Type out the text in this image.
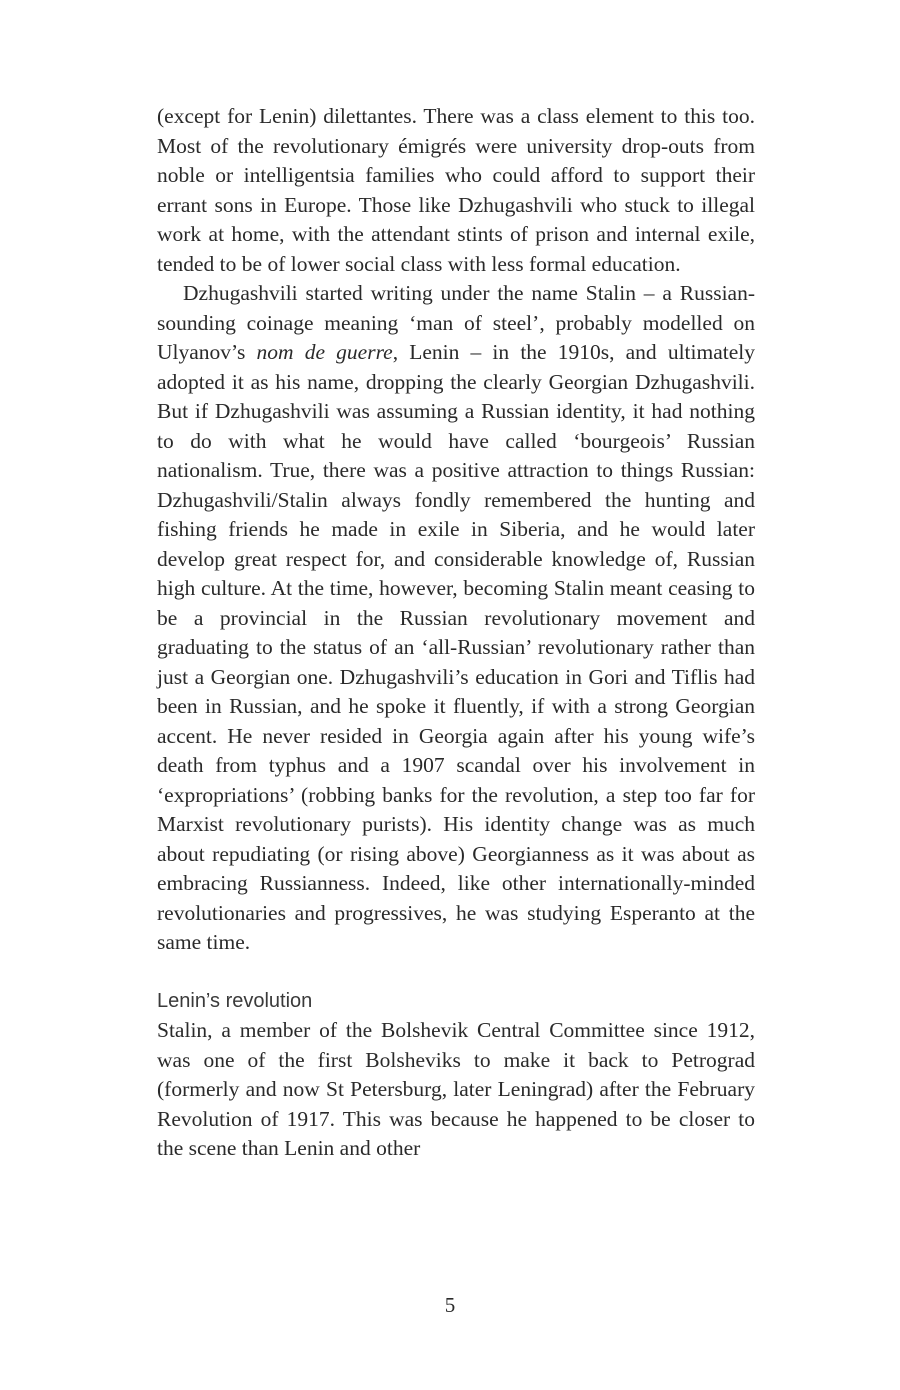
(except for Lenin) dilettantes. There was a class element to this too. Most of the revolutionary émigrés were university drop-outs from noble or intelligentsia families who could afford to support their errant sons in Europe. Those like Dzhugashvili who stuck to illegal work at home, with the attendant stints of prison and internal exile, tended to be of lower social class with less formal education.

Dzhugashvili started writing under the name Stalin – a Russian-sounding coinage meaning ‘man of steel’, probably modelled on Ulyanov’s nom de guerre, Lenin – in the 1910s, and ultimately adopted it as his name, dropping the clearly Georgian Dzhugashvili. But if Dzhugashvili was assuming a Russian identity, it had nothing to do with what he would have called ‘bourgeois’ Russian nationalism. True, there was a positive attraction to things Russian: Dzhugashvili/Stalin always fondly remembered the hunting and fishing friends he made in exile in Siberia, and he would later develop great respect for, and considerable knowledge of, Russian high culture. At the time, however, becoming Stalin meant ceasing to be a provincial in the Russian revolutionary movement and graduating to the status of an ‘all-Russian’ revolutionary rather than just a Georgian one. Dzhugashvili’s education in Gori and Tiflis had been in Russian, and he spoke it fluently, if with a strong Georgian accent. He never resided in Georgia again after his young wife’s death from typhus and a 1907 scandal over his involvement in ‘expropriations’ (robbing banks for the revolution, a step too far for Marxist revolutionary purists). His identity change was as much about repudiating (or rising above) Georgianness as it was about as embracing Russianness. Indeed, like other internationally-minded revolutionaries and progressives, he was studying Esperanto at the same time.

Lenin’s revolution

Stalin, a member of the Bolshevik Central Committee since 1912, was one of the first Bolsheviks to make it back to Petrograd (formerly and now St Petersburg, later Leningrad) after the February Revolution of 1917. This was because he happened to be closer to the scene than Lenin and other

5
